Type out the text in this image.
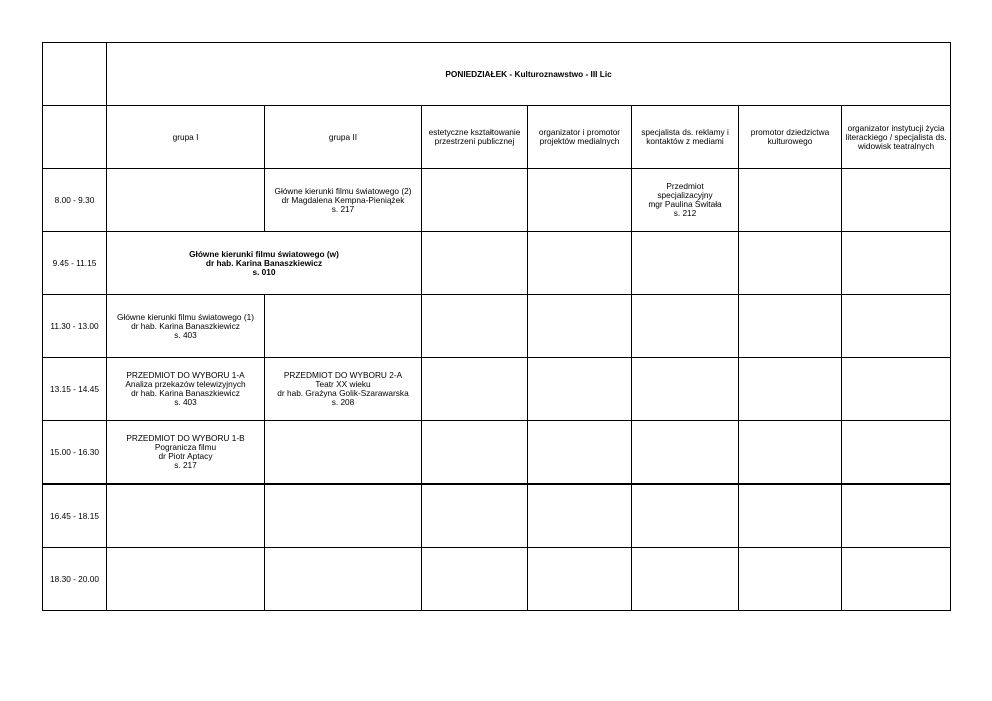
	PONIEDZIAŁEK - Kulturoznawstwo - III Lic						
	grupa I	grupa II	estetyczne kształtowanie przestrzeni publicznej	organizator i promotor projektów medialnych	specjalista ds. reklamy i kontaktów z mediami	promotor dziedzictwa kulturowego	organizator instytucji życia literackiego / specjalista ds. widowisk teatralnych
8.00 - 9.30		Główne kierunki filmu światowego (2)
dr Magdalena Kempna-Pieniążek
s. 217			Przedmiot
specjalizacyjny
mgr Paulina Świtała
s. 212		

9.45 - 11.15	Główne kierunki filmu światowego (w)
dr hab. Karina Banaszkiewicz
s. 010						

11.30 - 13.00	Główne kierunki filmu światowego (1)
dr hab. Karina Banaszkiewicz
s. 403						

13.15 - 14.45	PRZEDMIOT DO WYBORU 1-A
Analiza przekazów telewizyjnych
dr hab. Karina Banaszkiewicz
s. 403	PRZEDMIOT DO WYBORU 2-A
Teatr XX wieku
dr hab. Grażyna Golik-Szarawarska
s. 208					

15.00 - 16.30	PRZEDMIOT DO WYBORU 1-B
Pogranicza filmu
dr Piotr Aptacy
s. 217						

16.45 - 18.15							
18.30 - 20.00							
